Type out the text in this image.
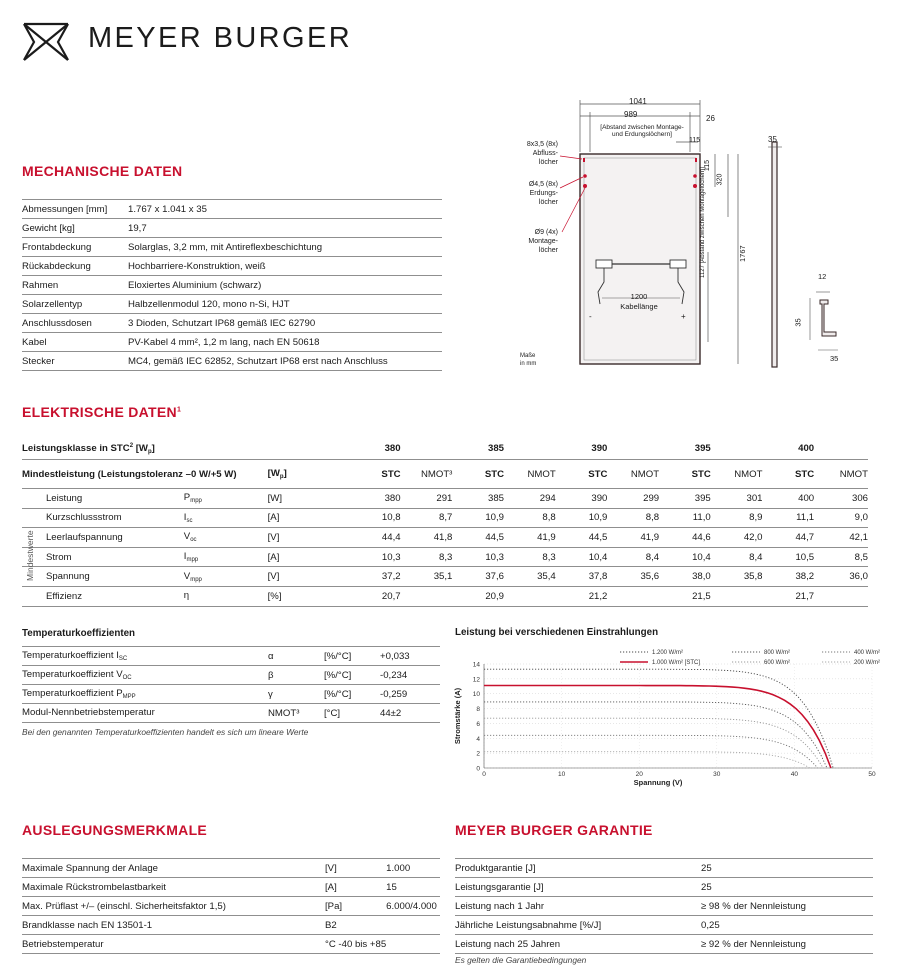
MEYER BURGER
MECHANISCHE DATEN
Abmessungen [mm]	1.767 x 1.041 x 35
Gewicht [kg]	19,7
Frontabdeckung	Solarglas, 3,2 mm, mit Antireflexbeschichtung
Rückabdeckung	Hochbarriere-Konstruktion, weiß
Rahmen	Eloxiertes Aluminium (schwarz)
Solarzellentyp	Halbzellenmodul 120, mono n-Si, HJT
Anschlussdosen	3 Dioden, Schutzart IP68 gemäß IEC 62790
Kabel	PV-Kabel 4 mm², 1,2 m lang, nach EN 50618
Stecker	MC4, gemäß IEC 62852, Schutzart IP68 erst nach Anschluss
1041
989	26
[Abstand zwischen Montage-
und Erdungslöchern]
115	35
115
320
1127 [Abstand zwischen Montagelöchern]	1767
8x3,5 (8x)
Abfluss-
löcher
Ø4,5 (8x)
Erdungs-
löcher
Ø9 (4x)
Montage-
löcher
1200
Kabellänge
-	+
Maße
in mm
12
35
35
ELEKTRISCHE DATEN$^1$
Leistungsklasse in STC$^2$ $[W_p]$				380		385		390		395		400	
Mindestleistung (Leistungstoleranz –0 W/+5 W)			$[W_p]$	STC	NMOT³	STC	NMOT	STC	NMOT	STC	NMOT	STC	NMOT
	Leistung	$P_{mpp}$	[W]	380	291	385	294	390	299	395	301	400	306
	Kurzschlussstrom	$I_{sc}$	[A]	10,8	8,7	10,9	8,8	10,9	8,8	11,0	8,9	11,1	9,0
	Leerlaufspannung	$V_{oc}$	[V]	44,4	41,8	44,5	41,9	44,5	41,9	44,6	42,0	44,7	42,1
	Strom	$I_{mpp}$	[A]	10,3	8,3	10,3	8,3	10,4	8,4	10,4	8,4	10,5	8,5
	Spannung	$V_{mpp}$	[V]	37,2	35,1	37,6	35,4	37,8	35,6	38,0	35,8	38,2	36,0
	Effizienz	η	[%]	20,7		20,9		21,2		21,5		21,7	
Mindestwerte
Temperaturkoeffizienten
Temperaturkoeffizient $I_{SC}$	α	[%/°C]	+0,033
Temperaturkoeffizient $V_{OC}$	β	[%/°C]	-0,234
Temperaturkoeffizient $P_{MPP}$	γ	[%/°C]	-0,259
Modul-Nennbetriebstemperatur	NMOT³	[°C]	44±2
Bei den genannten Temperaturkoeffizienten handelt es sich um lineare Werte
Leistung bei verschiedenen Einstrahlungen
0
2
4
6
8
10
12
14
0	10	20	30	40	50
Spannung (V)
Stromstärke (A)
1.200 W/m²	800 W/m²	400 W/m²
1.000 W/m² [STC]	600 W/m²	200 W/m²
AUSLEGUNGSMERKMALE
Maximale Spannung der Anlage	[V]	1.000
Maximale Rückstrombelastbarkeit	[A]	15
Max. Prüflast +/– (einschl. Sicherheitsfaktor 1,5)	[Pa]	6.000/4.000
Brandklasse nach EN 13501-1	B2	
Betriebstemperatur	°C -40 bis +85	
MEYER BURGER GARANTIE
Produktgarantie [J]	25
Leistungsgarantie [J]	25
Leistung nach 1 Jahr	≥ 98 % der Nennleistung
Jährliche Leistungsabnahme [%/J]	0,25
Leistung nach 25 Jahren	≥ 92 % der Nennleistung
Es gelten die Garantiebedingungen
